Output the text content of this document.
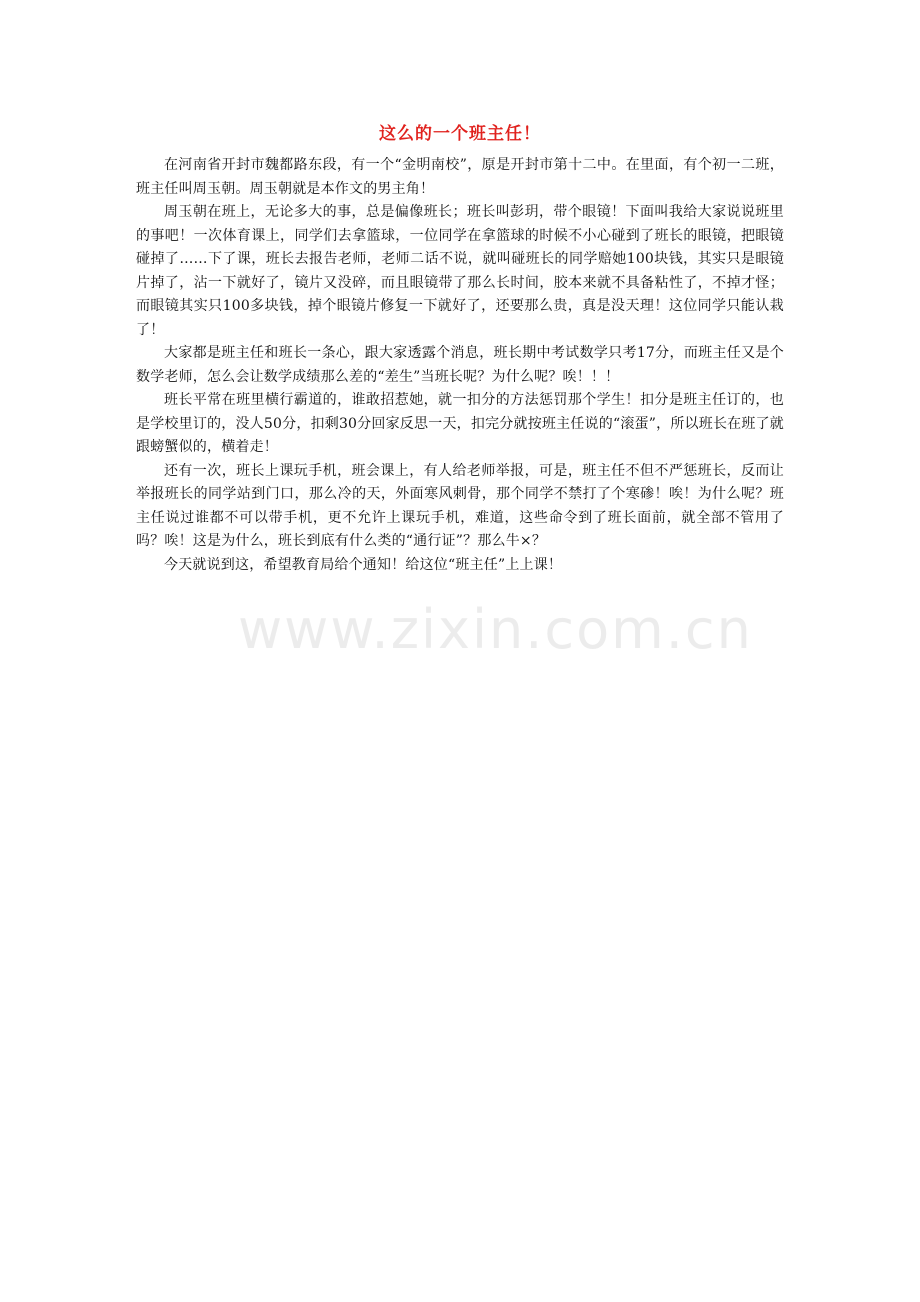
这么的一个班主任！

在河南省开封市魏都路东段，有一个“金明南校”，原是开封市第十二中。在里面，有个初一二班，班主任叫周玉朝。周玉朝就是本作文的男主角！

周玉朝在班上，无论多大的事，总是偏像班长；班长叫彭玥，带个眼镜！下面叫我给大家说说班里的事吧！一次体育课上，同学们去拿篮球，一位同学在拿篮球的时候不小心碰到了班长的眼镜，把眼镜碰掉了……下了课，班长去报告老师，老师二话不说，就叫碰班长的同学赔她100块钱，其实只是眼镜片掉了，沾一下就好了，镜片又没碎，而且眼镜带了那么长时间，胶本来就不具备粘性了，不掉才怪；而眼镜其实只100多块钱，掉个眼镜片修复一下就好了，还要那么贵，真是没天理！这位同学只能认栽了！

大家都是班主任和班长一条心，跟大家透露个消息，班长期中考试数学只考17分，而班主任又是个数学老师，怎么会让数学成绩那么差的“差生”当班长呢？为什么呢？唉！！！

班长平常在班里横行霸道的，谁敢招惹她，就一扣分的方法惩罚那个学生！扣分是班主任订的，也是学校里订的，没人50分，扣剩30分回家反思一天，扣完分就按班主任说的“滚蛋”，所以班长在班了就跟螃蟹似的，横着走！

还有一次，班长上课玩手机，班会课上，有人给老师举报，可是，班主任不但不严惩班长，反而让举报班长的同学站到门口，那么冷的天，外面寒风刺骨，那个同学不禁打了个寒碜！唉！为什么呢？班主任说过谁都不可以带手机，更不允许上课玩手机，难道，这些命令到了班长面前，就全部不管用了吗？唉！这是为什么，班长到底有什么类的“通行证”？那么牛×？

今天就说到这，希望教育局给个通知！给这位“班主任”上上课！

www.zixin.com.cn
